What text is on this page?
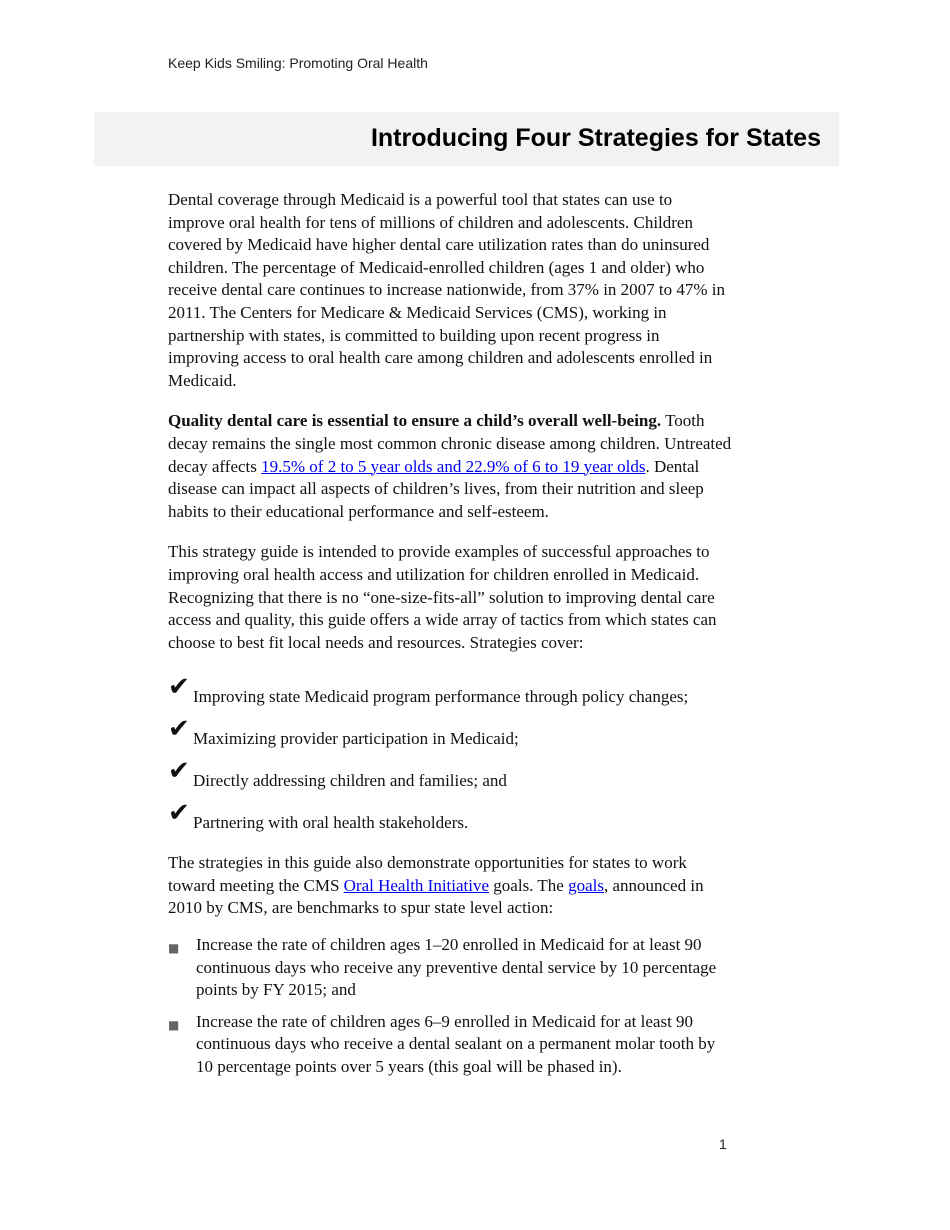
Keep Kids Smiling: Promoting Oral Health
Introducing Four Strategies for States

Dental coverage through Medicaid is a powerful tool that states can use to improve oral health for tens of millions of children and adolescents. Children covered by Medicaid have higher dental care utilization rates than do uninsured children. The percentage of Medicaid-enrolled children (ages 1 and older) who receive dental care continues to increase nationwide, from 37% in 2007 to 47% in 2011. The Centers for Medicare & Medicaid Services (CMS), working in partnership with states, is committed to building upon recent progress in improving access to oral health care among children and adolescents enrolled in Medicaid.

Quality dental care is essential to ensure a child’s overall well-being. Tooth decay remains the single most common chronic disease among children. Untreated decay affects 19.5% of 2 to 5 year olds and 22.9% of 6 to 19 year olds. Dental disease can impact all aspects of children’s lives, from their nutrition and sleep habits to their educational performance and self-esteem.

This strategy guide is intended to provide examples of successful approaches to improving oral health access and utilization for children enrolled in Medicaid. Recognizing that there is no “one-size-fits-all” solution to improving dental care access and quality, this guide offers a wide array of tactics from which states can choose to best fit local needs and resources. Strategies cover:

✔ Improving state Medicaid program performance through policy changes;
✔ Maximizing provider participation in Medicaid;
✔ Directly addressing children and families; and
✔ Partnering with oral health stakeholders.

The strategies in this guide also demonstrate opportunities for states to work toward meeting the CMS Oral Health Initiative goals. The goals, announced in 2010 by CMS, are benchmarks to spur state level action:

■ Increase the rate of children ages 1–20 enrolled in Medicaid for at least 90 continuous days who receive any preventive dental service by 10 percentage points by FY 2015; and
■ Increase the rate of children ages 6–9 enrolled in Medicaid for at least 90 continuous days who receive a dental sealant on a permanent molar tooth by 10 percentage points over 5 years (this goal will be phased in).
1
